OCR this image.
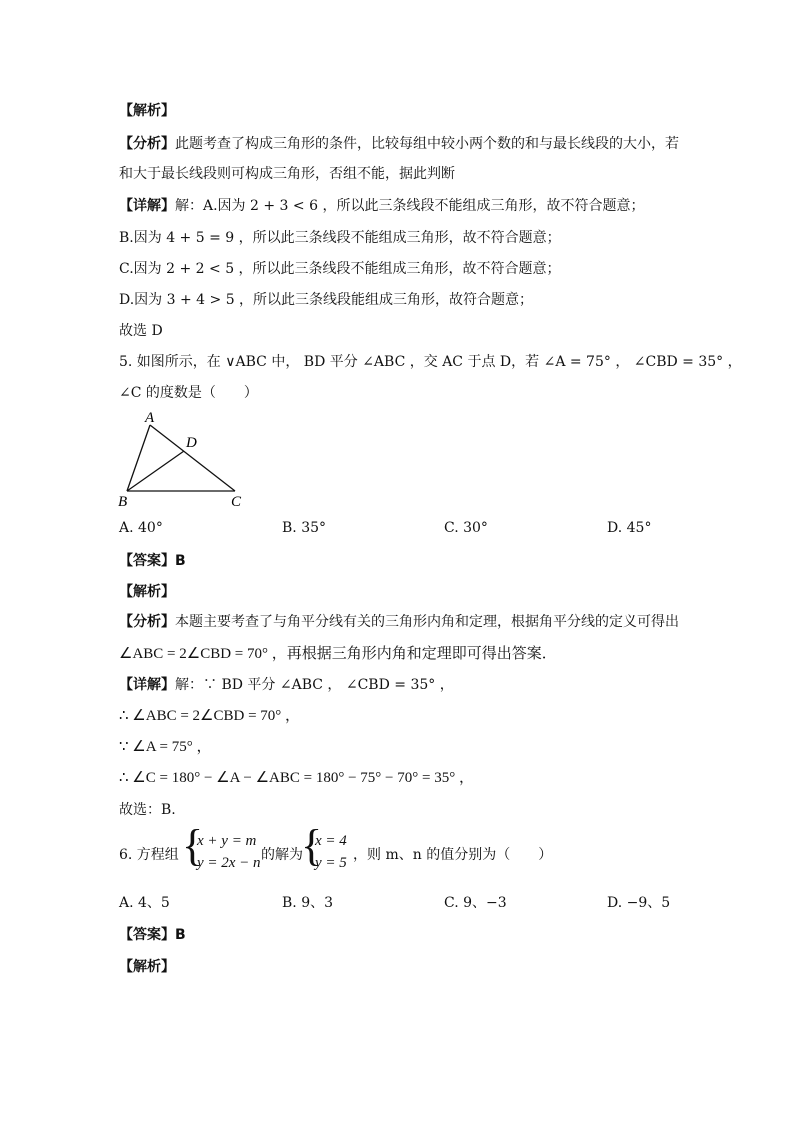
【解析】
【分析】此题考查了构成三角形的条件，比较每组中较小两个数的和与最长线段的大小，若
和大于最长线段则可构成三角形，否组不能，据此判断
【详解】解：A.因为 2 + 3 < 6 ，所以此三条线段不能组成三角形，故不符合题意；
B.因为 4 + 5 = 9 ，所以此三条线段不能组成三角形，故不符合题意；
C.因为 2 + 2 < 5 ，所以此三条线段不能组成三角形，故不符合题意；
D.因为 3 + 4 > 5 ，所以此三条线段能组成三角形，故符合题意；
故选 D
5. 如图所示，在 ∨ABC 中， BD 平分 ∠ABC ，交 AC 于点 D，若 ∠A = 75° ， ∠CBD = 35° ，
∠C 的度数是（　　）
A
D
B	C
A. 40°	B. 35°	C. 30°	D. 45°
【答案】B
【解析】
【分析】本题主要考查了与角平分线有关的三角形内角和定理，根据角平分线的定义可得出
∠ABC = 2∠CBD = 70° ，再根据三角形内角和定理即可得出答案．
【详解】解：∵ BD 平分 ∠ABC ， ∠CBD = 35° ，
∴ ∠ABC = 2∠CBD = 70° ，
∵ ∠A = 75° ，
∴ ∠C = 180° − ∠A − ∠ABC = 180° − 75° − 70° = 35° ，
故选：B.
6. 方程组 {
x + y = m
y = 2x − n 的解为
{
x = 4
y = 5 ，则 m、n 的值分别为（　　）
A. 4、5	B. 9、3	C. 9、−3	D. −9、5
【答案】B
【解析】
